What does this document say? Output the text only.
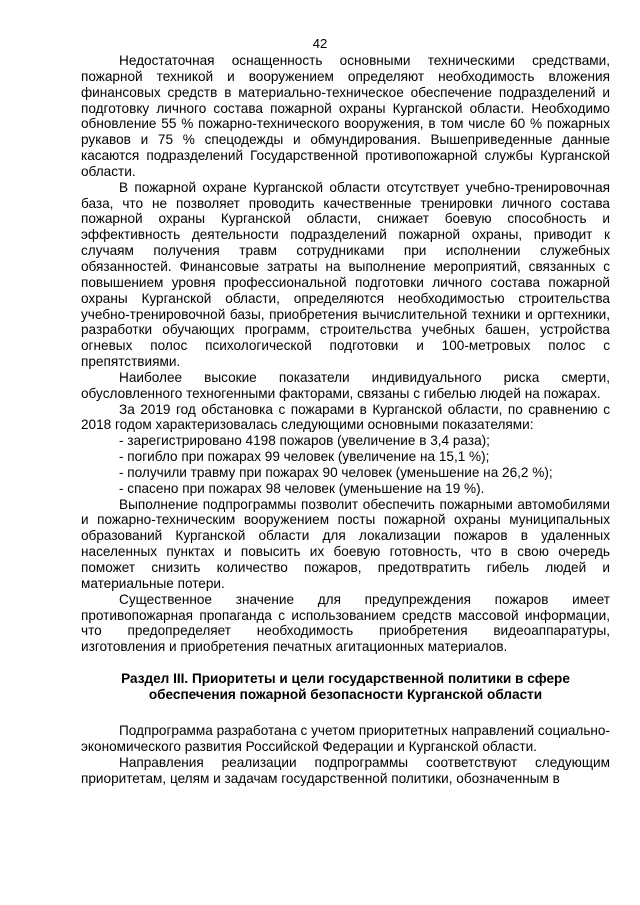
42

Недостаточная оснащенность основными техническими средствами, пожарной техникой и вооружением определяют необходимость вложения финансовых средств в материально-техническое обеспечение подразделений и подготовку личного состава пожарной охраны Курганской области. Необходимо обновление 55 % пожарно-технического вооружения, в том числе 60 % пожарных рукавов и 75 % спецодежды и обмундирования. Вышеприведенные данные касаются подразделений Государственной противопожарной службы Курганской области.

В пожарной охране Курганской области отсутствует учебно-тренировочная база, что не позволяет проводить качественные тренировки личного состава пожарной охраны Курганской области, снижает боевую способность и эффективность деятельности подразделений пожарной охраны, приводит к случаям получения травм сотрудниками при исполнении служебных обязанностей. Финансовые затраты на выполнение мероприятий, связанных с повышением уровня профессиональной подготовки личного состава пожарной охраны Курганской области, определяются необходимостью строительства учебно-тренировочной базы, приобретения вычислительной техники и оргтехники, разработки обучающих программ, строительства учебных башен, устройства огневых полос психологической подготовки и 100-метровых полос с препятствиями.

Наиболее высокие показатели индивидуального риска смерти, обусловленного техногенными факторами, связаны с гибелью людей на пожарах.

За 2019 год обстановка с пожарами в Курганской области, по сравнению с 2018 годом характеризовалась следующими основными показателями:

- зарегистрировано 4198 пожаров (увеличение в 3,4 раза);

- погибло при пожарах 99 человек (увеличение на 15,1 %);

- получили травму при пожарах 90 человек (уменьшение на 26,2 %);

- спасено при пожарах 98 человек (уменьшение на 19 %).

Выполнение подпрограммы позволит обеспечить пожарными автомобилями и пожарно-техническим вооружением посты пожарной охраны муниципальных образований Курганской области для локализации пожаров в удаленных населенных пунктах и повысить их боевую готовность, что в свою очередь поможет снизить количество пожаров, предотвратить гибель людей и материальные потери.

Существенное значение для предупреждения пожаров имеет противопожарная пропаганда с использованием средств массовой информации, что предопределяет необходимость приобретения видеоаппаратуры, изготовления и приобретения печатных агитационных материалов.

Раздел III. Приоритеты и цели государственной политики в сфере
обеспечения пожарной безопасности Курганской области

Подпрограмма разработана с учетом приоритетных направлений социально-экономического развития Российской Федерации и Курганской области.

Направления реализации подпрограммы соответствуют следующим приоритетам, целям и задачам государственной политики, обозначенным в
